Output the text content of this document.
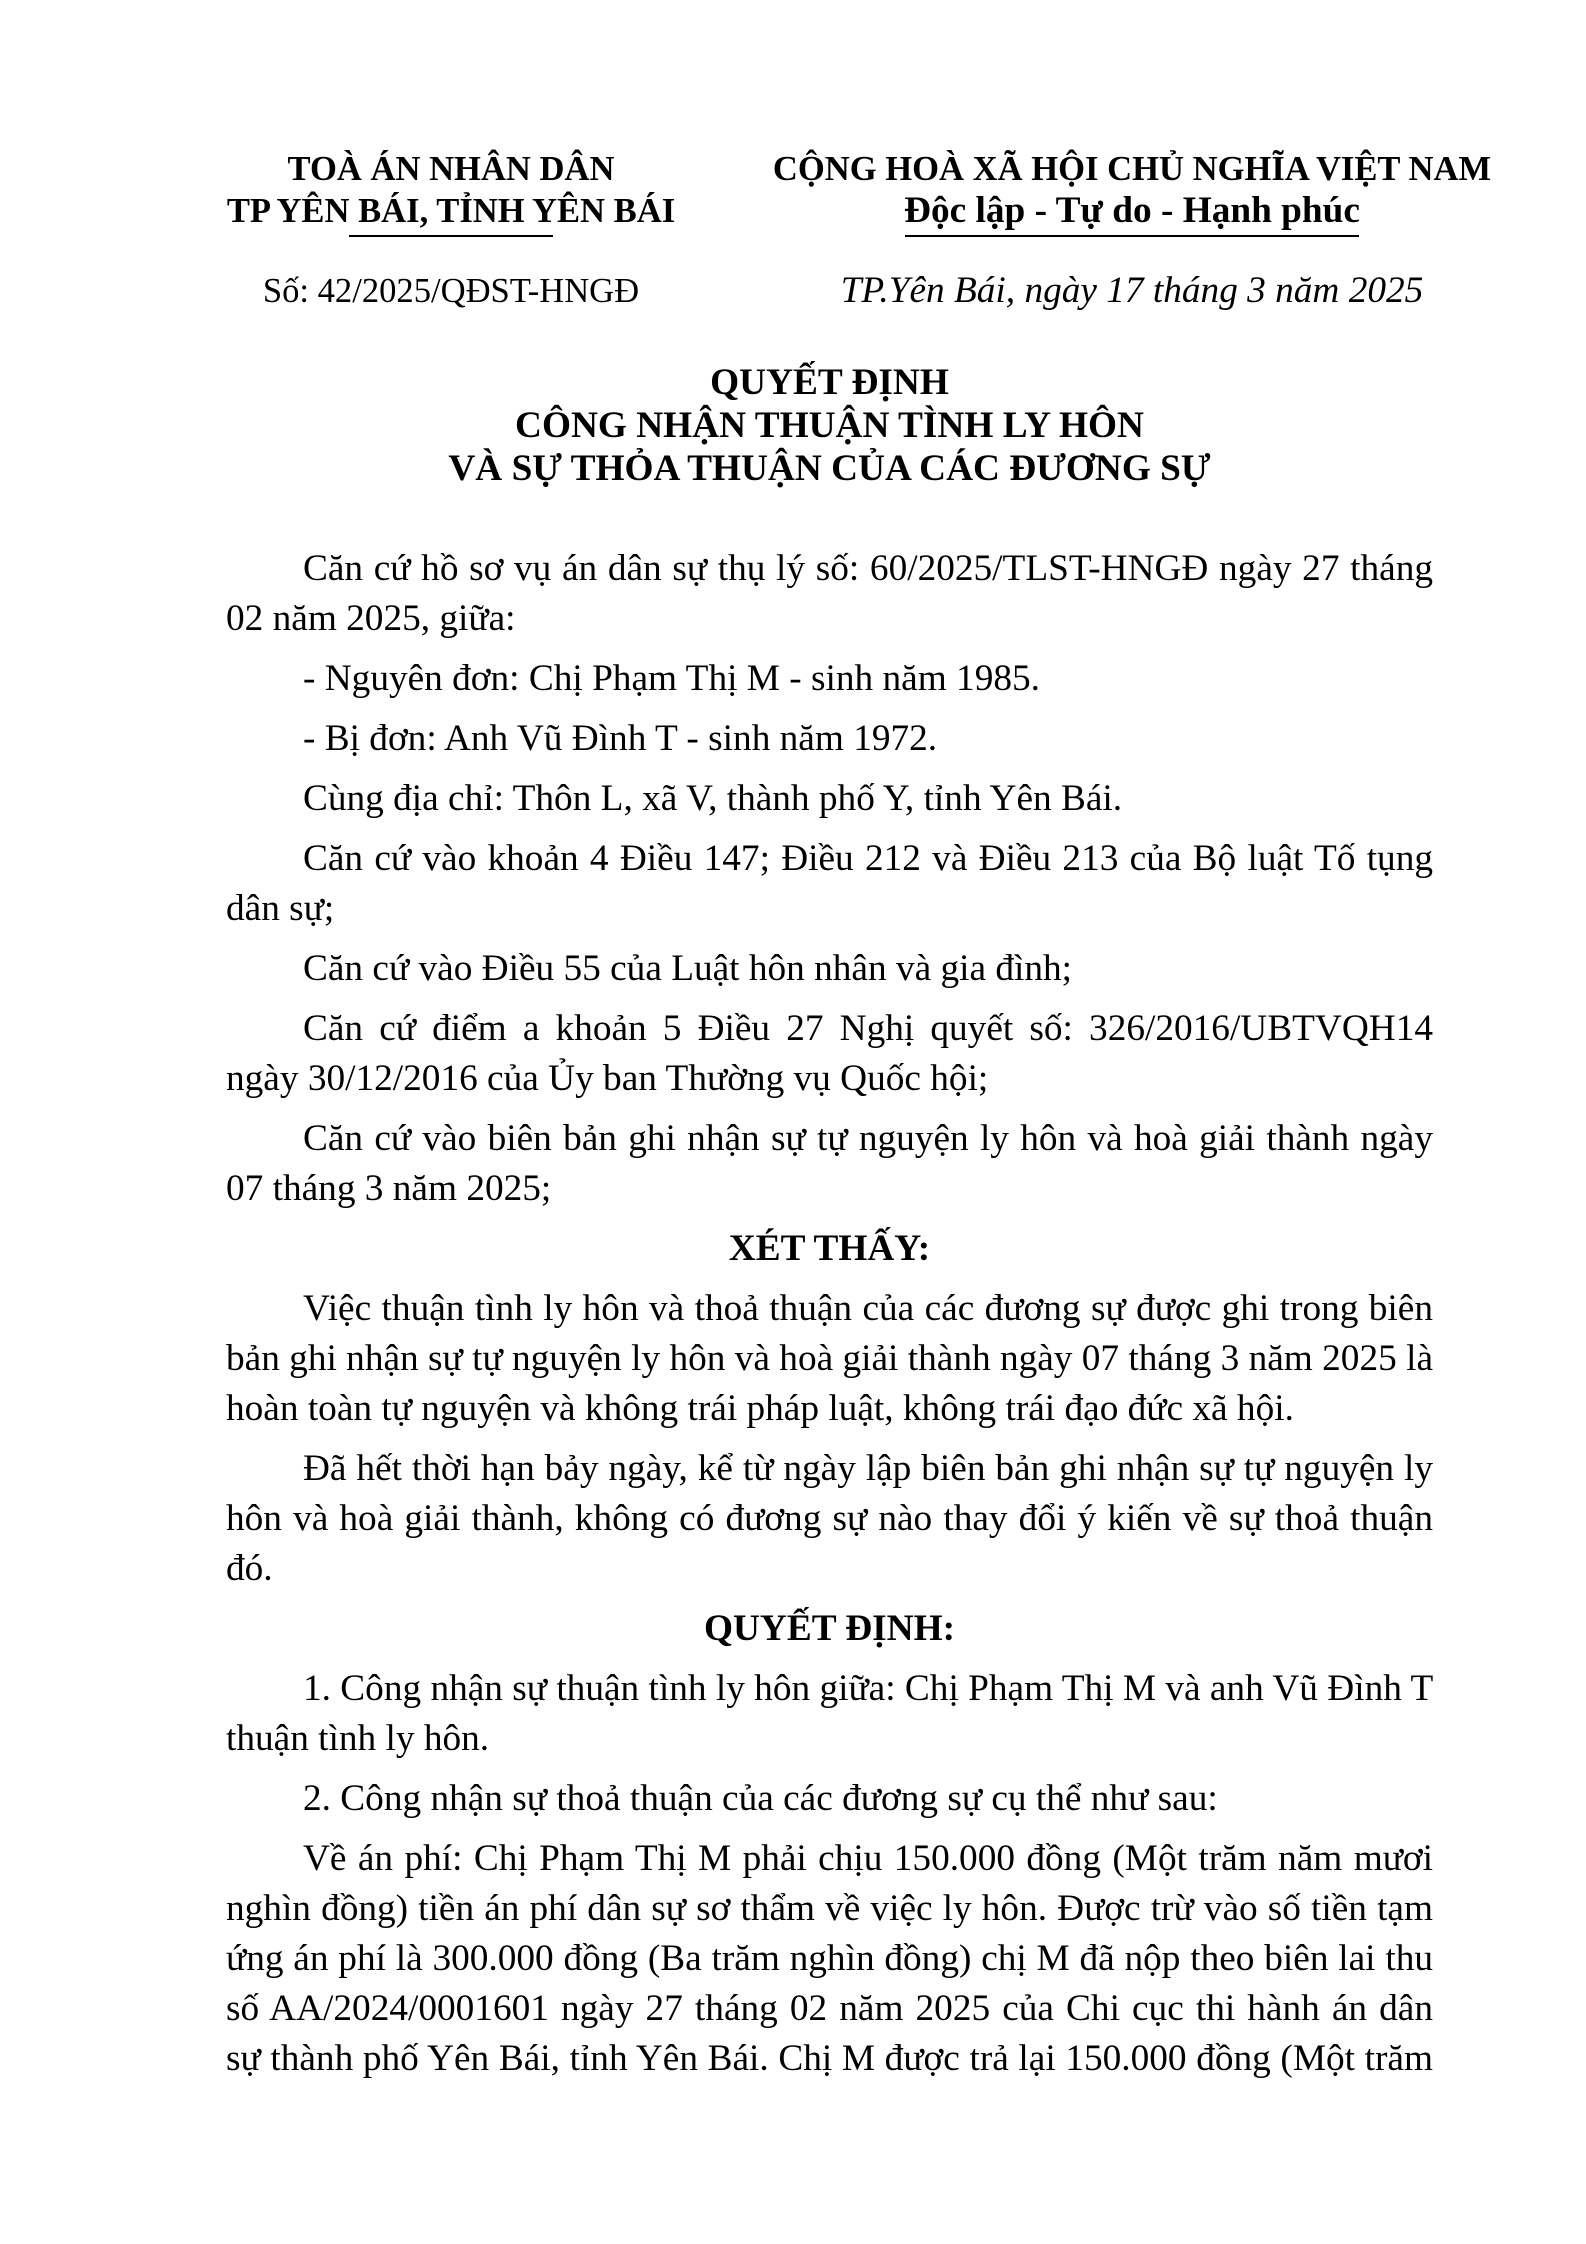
TOÀ ÁN NHÂN DÂN
TP YÊN BÁI, TỈNH YÊN BÁI
CỘNG HOÀ XÃ HỘI CHỦ NGHĨA VIỆT NAM
Độc lập - Tự do - Hạnh phúc
Số: 42/2025/QĐST-HNGĐ	TP.Yên Bái, ngày 17 tháng 3 năm 2025
QUYẾT ĐỊNH
CÔNG NHẬN THUẬN TÌNH LY HÔN
VÀ SỰ THỎA THUẬN CỦA CÁC ĐƯƠNG SỰ
Căn cứ hồ sơ vụ án dân sự thụ lý số: 60/2025/TLST-HNGĐ ngày 27 tháng
02 năm 2025, giữa:
- Nguyên đơn: Chị Phạm Thị M - sinh năm 1985.
- Bị đơn: Anh Vũ Đình T - sinh năm 1972.
Cùng địa chỉ: Thôn L, xã V, thành phố Y, tỉnh Yên Bái.
Căn cứ vào khoản 4 Điều 147; Điều 212 và Điều 213 của Bộ luật Tố tụng
dân sự;
Căn cứ vào Điều 55 của Luật hôn nhân và gia đình;
Căn cứ điểm a khoản 5 Điều 27 Nghị quyết số: 326/2016/UBTVQH14
ngày 30/12/2016 của Ủy ban Thường vụ Quốc hội;
Căn cứ vào biên bản ghi nhận sự tự nguyện ly hôn và hoà giải thành ngày
07 tháng 3 năm 2025;
XÉT THẤY:
Việc thuận tình ly hôn và thoả thuận của các đương sự được ghi trong biên
bản ghi nhận sự tự nguyện ly hôn và hoà giải thành ngày 07 tháng 3 năm 2025 là
hoàn toàn tự nguyện và không trái pháp luật, không trái đạo đức xã hội.
Đã hết thời hạn bảy ngày, kể từ ngày lập biên bản ghi nhận sự tự nguyện ly
hôn và hoà giải thành, không có đương sự nào thay đổi ý kiến về sự thoả thuận
đó.
QUYẾT ĐỊNH:
1. Công nhận sự thuận tình ly hôn giữa: Chị Phạm Thị M và anh Vũ Đình T
thuận tình ly hôn.
2. Công nhận sự thoả thuận của các đương sự cụ thể như sau:
Về án phí: Chị Phạm Thị M phải chịu 150.000 đồng (Một trăm năm mươi
nghìn đồng) tiền án phí dân sự sơ thẩm về việc ly hôn. Được trừ vào số tiền tạm
ứng án phí là 300.000 đồng (Ba trăm nghìn đồng) chị M đã nộp theo biên lai thu
số AA/2024/0001601 ngày 27 tháng 02 năm 2025 của Chi cục thi hành án dân
sự thành phố Yên Bái, tỉnh Yên Bái. Chị M được trả lại 150.000 đồng (Một trăm
